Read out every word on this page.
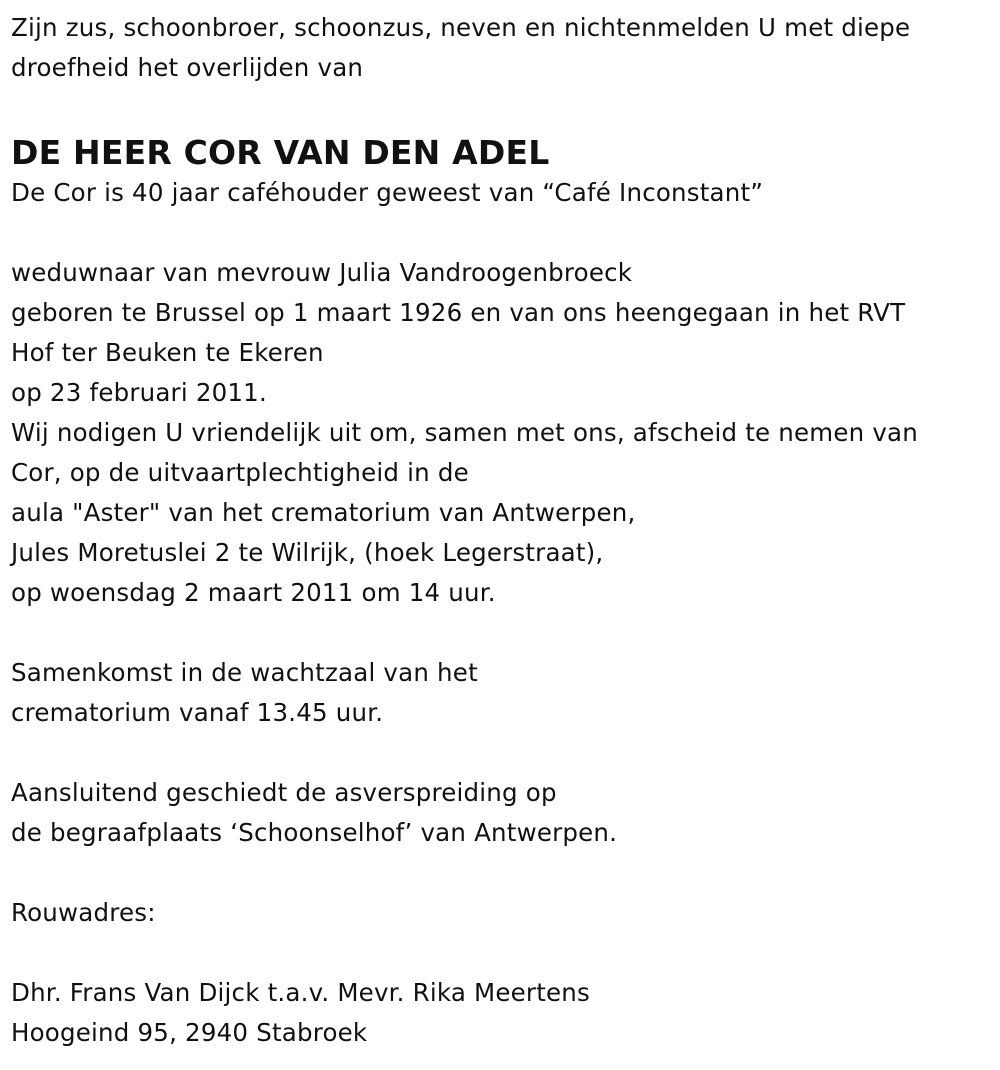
Zijn zus, schoonbroer, schoonzus, neven en nichtenmelden U met diepe
droefheid het overlijden van
DE HEER COR VAN DEN ADEL
De Cor is 40 jaar caféhouder geweest van “Café Inconstant”
weduwnaar van mevrouw Julia Vandroogenbroeck
geboren te Brussel op 1 maart 1926 en van ons heengegaan in het RVT
Hof ter Beuken te Ekeren
op 23 februari 2011.
Wij nodigen U vriendelijk uit om, samen met ons, afscheid te nemen van
Cor, op de uitvaartplechtigheid in de
aula "Aster" van het crematorium van Antwerpen,
Jules Moretuslei 2 te Wilrijk, (hoek Legerstraat),
op woensdag 2 maart 2011 om 14 uur.
Samenkomst in de wachtzaal van het
crematorium vanaf 13.45 uur.
Aansluitend geschiedt de asverspreiding op
de begraafplaats ‘Schoonselhof’ van Antwerpen.
Rouwadres:
Dhr. Frans Van Dijck t.a.v. Mevr. Rika Meertens
Hoogeind 95, 2940 Stabroek
